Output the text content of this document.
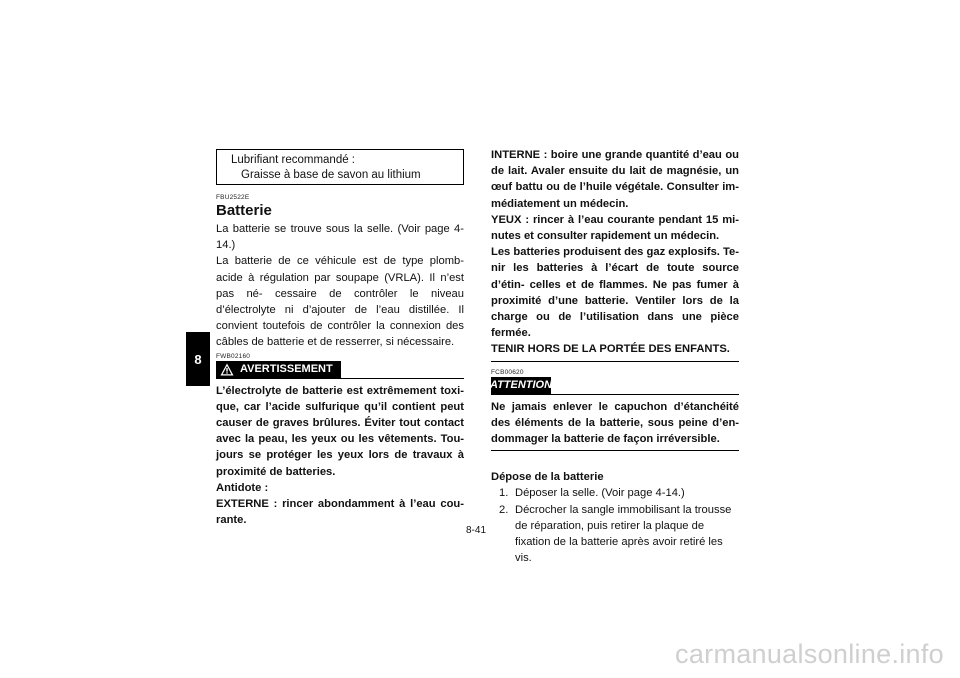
8
Lubrifiant recommandé :
Graisse à base de savon au lithium
FBU2522E
Batterie
La batterie se trouve sous la selle. (Voir page 4-14.)
La batterie de ce véhicule est de type plomb-acide à régulation par soupape (VRLA). Il n’est pas né- cessaire de contrôler le niveau d’électrolyte ni d’ajouter de l’eau distillée. Il convient toutefois de contrôler la connexion des câbles de batterie et de resserrer, si nécessaire.
FWB02160
AVERTISSEMENT
L’électrolyte de batterie est extrêmement toxi- que, car l’acide sulfurique qu’il contient peut causer de graves brûlures. Éviter tout contact avec la peau, les yeux ou les vêtements. Tou- jours se protéger les yeux lors de travaux à proximité de batteries.
Antidote :
EXTERNE : rincer abondamment à l’eau cou- rante.
INTERNE : boire une grande quantité d’eau ou de lait. Avaler ensuite du lait de magnésie, un œuf battu ou de l’huile végétale. Consulter im- médiatement un médecin.
YEUX : rincer à l’eau courante pendant 15 mi- nutes et consulter rapidement un médecin.
Les batteries produisent des gaz explosifs. Te- nir les batteries à l’écart de toute source d’étin- celles et de flammes. Ne pas fumer à proximité d’une batterie. Ventiler lors de la charge ou de l’utilisation dans une pièce fermée.
TENIR HORS DE LA PORTÉE DES ENFANTS.
FCB00620
ATTENTION
Ne jamais enlever le capuchon d’étanchéité des éléments de la batterie, sous peine d’en- dommager la batterie de façon irréversible.
Dépose de la batterie
1. Déposer la selle. (Voir page 4-14.)
2. Décrocher la sangle immobilisant la trousse de réparation, puis retirer la plaque de fixation de la batterie après avoir retiré les vis.
8-41
carmanualsonline.info
